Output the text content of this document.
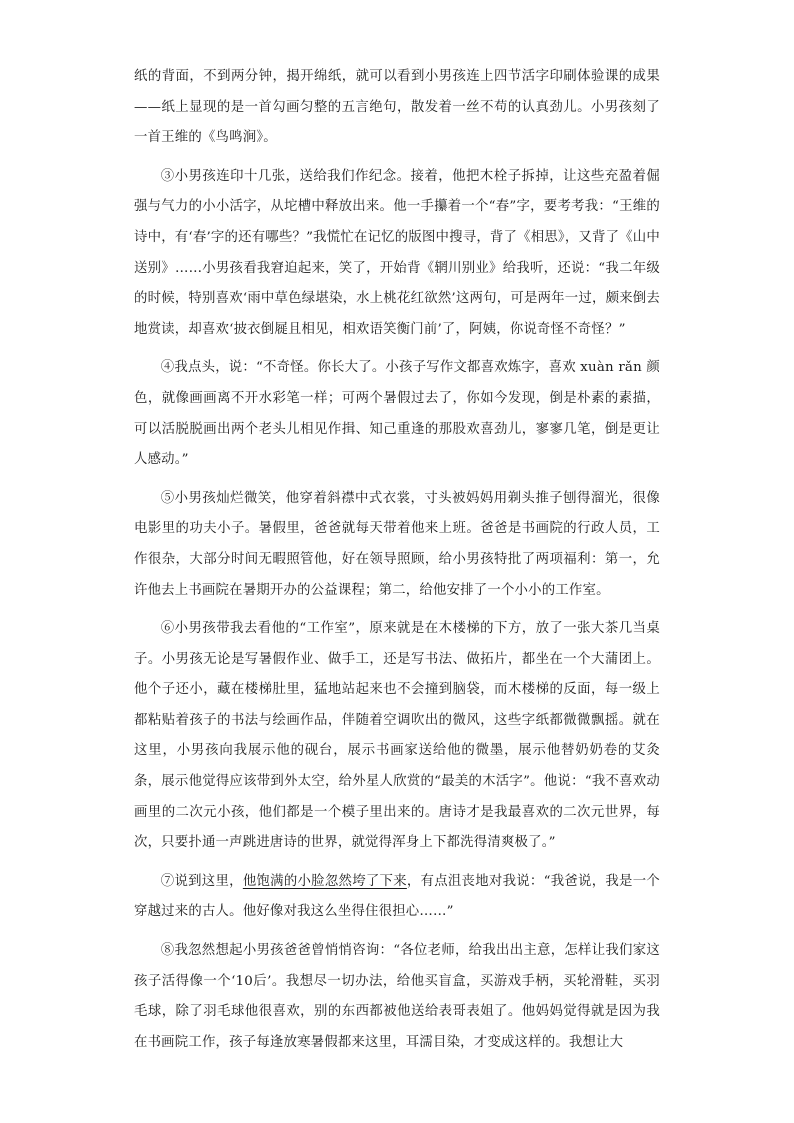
纸的背面，不到两分钟，揭开绵纸，就可以看到小男孩连上四节活字印刷体验课的成果——纸上显现的是一首勾画匀整的五言绝句，散发着一丝不苟的认真劲儿。小男孩刻了一首王维的《鸟鸣涧》。

③小男孩连印十几张，送给我们作纪念。接着，他把木栓子拆掉，让这些充盈着倔强与气力的小小活字，从坨槽中释放出来。他一手攥着一个“春”字，要考考我：“王维的诗中，有‘春’字的还有哪些？”我慌忙在记忆的版图中搜寻，背了《相思》，又背了《山中送别》……小男孩看我窘迫起来，笑了，开始背《辋川别业》给我听，还说：“我二年级的时候，特别喜欢‘雨中草色绿堪染，水上桃花红欲然’这两句，可是两年一过，颇来倒去地赏读，却喜欢‘披衣倒屣且相见，相欢语笑衡门前’了，阿姨，你说奇怪不奇怪？”

④我点头，说：“不奇怪。你长大了。小孩子写作文都喜欢炼字，喜欢 xuàn rǎn 颜色，就像画画离不开水彩笔一样；可两个暑假过去了，你如今发现，倒是朴素的素描，可以活脱脱画出两个老头儿相见作揖、知己重逢的那股欢喜劲儿，寥寥几笔，倒是更让人感动。”

⑤小男孩灿烂微笑，他穿着斜襟中式衣裳，寸头被妈妈用剃头推子刨得溜光，很像电影里的功夫小子。暑假里，爸爸就每天带着他来上班。爸爸是书画院的行政人员，工作很杂，大部分时间无暇照管他，好在领导照顾，给小男孩特批了两项福利：第一，允许他去上书画院在暑期开办的公益课程；第二，给他安排了一个小小的工作室。

⑥小男孩带我去看他的“工作室”，原来就是在木楼梯的下方，放了一张大茶几当桌子。小男孩无论是写暑假作业、做手工，还是写书法、做拓片，都坐在一个大蒲团上。他个子还小，藏在楼梯肚里，猛地站起来也不会撞到脑袋，而木楼梯的反面，每一级上都粘贴着孩子的书法与绘画作品，伴随着空调吹出的微风，这些字纸都微微飘摇。就在这里，小男孩向我展示他的砚台，展示书画家送给他的微墨，展示他替奶奶卷的艾灸条，展示他觉得应该带到外太空，给外星人欣赏的“最美的木活字”。他说：“我不喜欢动画里的二次元小孩，他们都是一个模子里出来的。唐诗才是我最喜欢的二次元世界，每次，只要扑通一声跳进唐诗的世界，就觉得浑身上下都洗得清爽极了。”

⑦说到这里，他饱满的小脸忽然垮了下来，有点沮丧地对我说：“我爸说，我是一个穿越过来的古人。他好像对我这么坐得住很担心……”

⑧我忽然想起小男孩爸爸曾悄悄咨询：“各位老师，给我出出主意，怎样让我们家这孩子活得像一个‘10后’。我想尽一切办法，给他买盲盒，买游戏手柄，买轮滑鞋，买羽毛球，除了羽毛球他很喜欢，别的东西都被他送给表哥表姐了。他妈妈觉得就是因为我在书画院工作，孩子每逢放寒暑假都来这里，耳濡目染，才变成这样的。我想让大
